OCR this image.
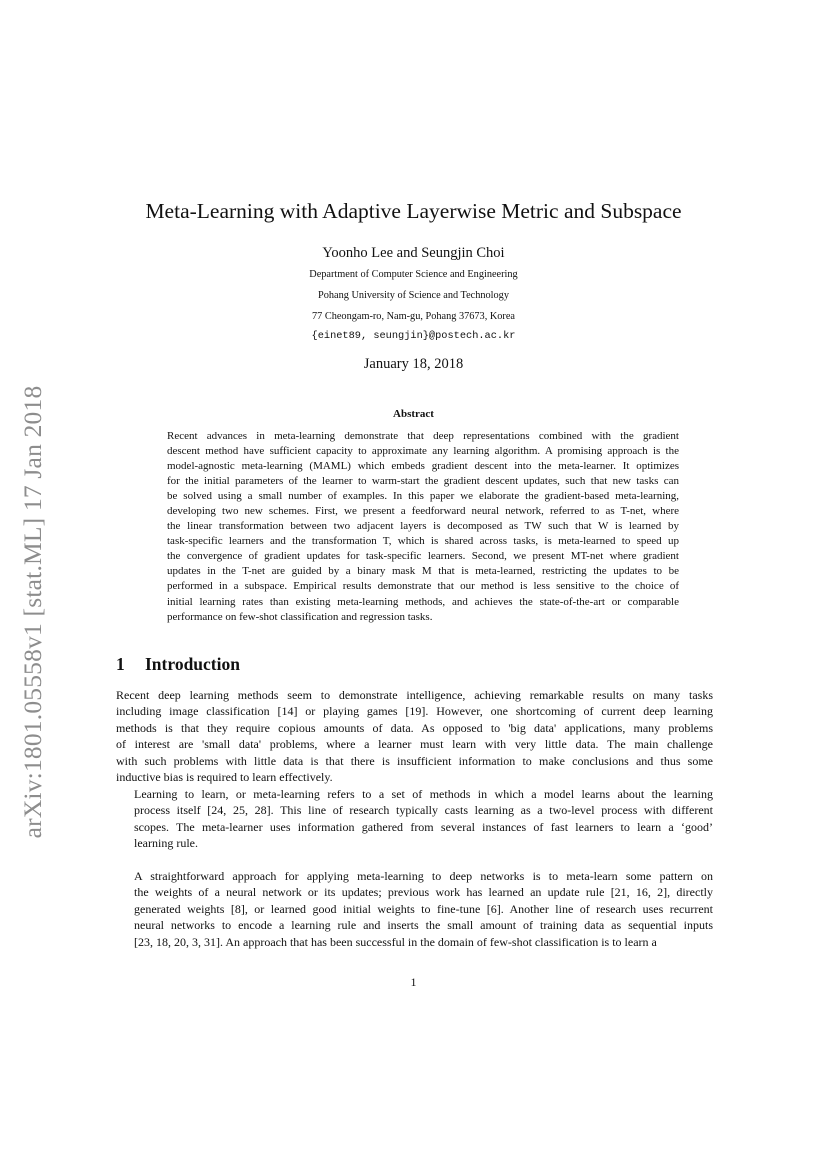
arXiv:1801.05558v1 [stat.ML] 17 Jan 2018
Meta-Learning with Adaptive Layerwise Metric and Subspace
Yoonho Lee and Seungjin Choi
Department of Computer Science and Engineering
Pohang University of Science and Technology
77 Cheongam-ro, Nam-gu, Pohang 37673, Korea
{einet89, seungjin}@postech.ac.kr
January 18, 2018
Abstract
Recent advances in meta-learning demonstrate that deep representations combined with the gradient
descent method have sufficient capacity to approximate any learning algorithm. A promising approach is the
model-agnostic meta-learning (MAML) which embeds gradient descent into the meta-learner. It optimizes
for the initial parameters of the learner to warm-start the gradient descent updates, such that new tasks can
be solved using a small number of examples. In this paper we elaborate the gradient-based meta-learning,
developing two new schemes. First, we present a feedforward neural network, referred to as T-net, where
the linear transformation between two adjacent layers is decomposed as TW such that W is learned by
task-specific learners and the transformation T, which is shared across tasks, is meta-learned to speed up
the convergence of gradient updates for task-specific learners. Second, we present MT-net where gradient
updates in the T-net are guided by a binary mask M that is meta-learned, restricting the updates to be
performed in a subspace. Empirical results demonstrate that our method is less sensitive to the choice of
initial learning rates than existing meta-learning methods, and achieves the state-of-the-art or comparable
performance on few-shot classification and regression tasks.
1 Introduction
Recent deep learning methods seem to demonstrate intelligence, achieving remarkable results on many tasks
including image classification [14] or playing games [19]. However, one shortcoming of current deep learning
methods is that they require copious amounts of data. As opposed to 'big data' applications, many problems
of interest are 'small data' problems, where a learner must learn with very little data. The main challenge
with such problems with little data is that there is insufficient information to make conclusions and thus some
inductive bias is required to learn effectively.
Learning to learn, or meta-learning refers to a set of methods in which a model learns about the learning
process itself [24, 25, 28]. This line of research typically casts learning as a two-level process with different
scopes. The meta-learner uses information gathered from several instances of fast learners to learn a ‘good’
learning rule.
A straightforward approach for applying meta-learning to deep networks is to meta-learn some pattern on
the weights of a neural network or its updates; previous work has learned an update rule [21, 16, 2], directly
generated weights [8], or learned good initial weights to fine-tune [6]. Another line of research uses recurrent
neural networks to encode a learning rule and inserts the small amount of training data as sequential inputs
[23, 18, 20, 3, 31]. An approach that has been successful in the domain of few-shot classification is to learn a
1
